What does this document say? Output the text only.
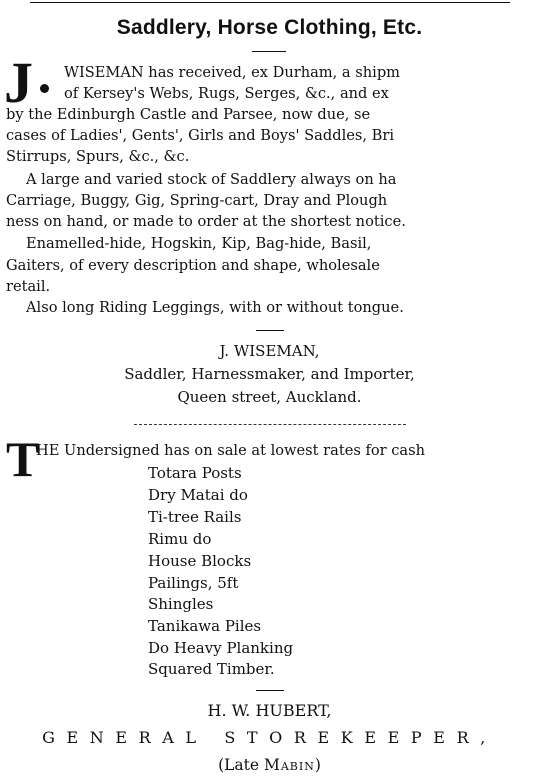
Saddlery, Horse Clothing, Etc.
J WISEMAN has received, ex Durham, a shipm
of Kersey's Webs, Rugs, Serges, &c., and ex
by the Edinburgh Castle and Parsee, now due, se
cases of Ladies', Gents', Girls and Boys' Saddles, Bri
Stirrups, Spurs, &c., &c.
A large and varied stock of Saddlery always on ha
Carriage, Buggy, Gig, Spring-cart, Dray and Plough
ness on hand, or made to order at the shortest notice.
Enamelled-hide, Hogskin, Kip, Bag-hide, Basil,
Gaiters, of every description and shape, wholesale
retail.
Also long Riding Leggings, with or without tongue.
J. WISEMAN,
Saddler, Harnessmaker, and Importer,
Queen street, Auckland.
T
HE Undersigned has on sale at lowest rates for cash
Totara Posts
Dry Matai do
Ti-tree Rails
Rimu do
House Blocks
Pailings, 5ft
Shingles
Tanikawa Piles
Do Heavy Planking
Squared Timber.
H. W. HUBERT,
GENERAL STOREKEEPER,
(Late Mabin)
